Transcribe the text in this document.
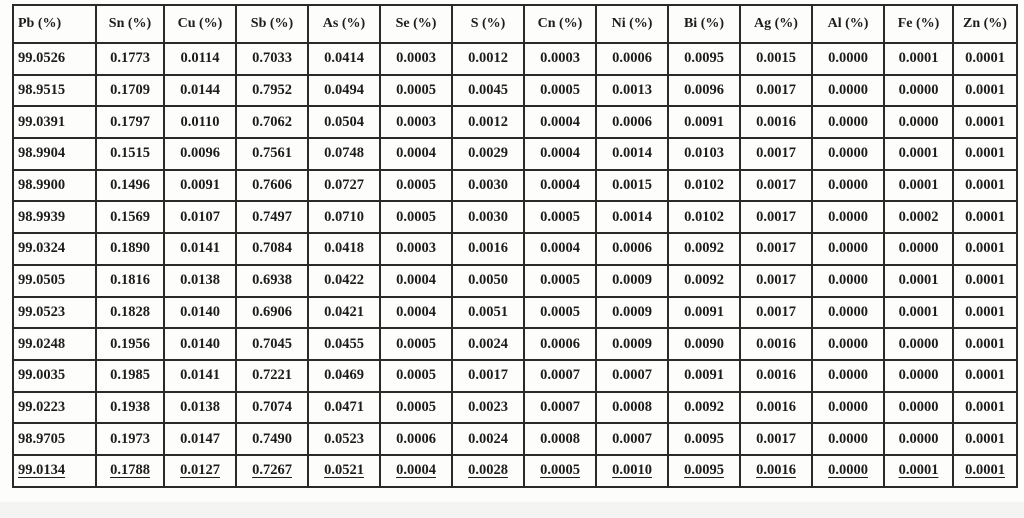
Pb (%)	Sn (%)	Cu (%)	Sb (%)	As (%)	Se (%)	S (%)	Cn (%)	Ni (%)	Bi (%)	Ag (%)	Al (%)	Fe (%)	Zn (%)
99.0526	0.1773	0.0114	0.7033	0.0414	0.0003	0.0012	0.0003	0.0006	0.0095	0.0015	0.0000	0.0001	0.0001
98.9515	0.1709	0.0144	0.7952	0.0494	0.0005	0.0045	0.0005	0.0013	0.0096	0.0017	0.0000	0.0000	0.0001
99.0391	0.1797	0.0110	0.7062	0.0504	0.0003	0.0012	0.0004	0.0006	0.0091	0.0016	0.0000	0.0000	0.0001
98.9904	0.1515	0.0096	0.7561	0.0748	0.0004	0.0029	0.0004	0.0014	0.0103	0.0017	0.0000	0.0001	0.0001
98.9900	0.1496	0.0091	0.7606	0.0727	0.0005	0.0030	0.0004	0.0015	0.0102	0.0017	0.0000	0.0001	0.0001
98.9939	0.1569	0.0107	0.7497	0.0710	0.0005	0.0030	0.0005	0.0014	0.0102	0.0017	0.0000	0.0002	0.0001
99.0324	0.1890	0.0141	0.7084	0.0418	0.0003	0.0016	0.0004	0.0006	0.0092	0.0017	0.0000	0.0000	0.0001
99.0505	0.1816	0.0138	0.6938	0.0422	0.0004	0.0050	0.0005	0.0009	0.0092	0.0017	0.0000	0.0001	0.0001
99.0523	0.1828	0.0140	0.6906	0.0421	0.0004	0.0051	0.0005	0.0009	0.0091	0.0017	0.0000	0.0001	0.0001
99.0248	0.1956	0.0140	0.7045	0.0455	0.0005	0.0024	0.0006	0.0009	0.0090	0.0016	0.0000	0.0000	0.0001
99.0035	0.1985	0.0141	0.7221	0.0469	0.0005	0.0017	0.0007	0.0007	0.0091	0.0016	0.0000	0.0000	0.0001
99.0223	0.1938	0.0138	0.7074	0.0471	0.0005	0.0023	0.0007	0.0008	0.0092	0.0016	0.0000	0.0000	0.0001
98.9705	0.1973	0.0147	0.7490	0.0523	0.0006	0.0024	0.0008	0.0007	0.0095	0.0017	0.0000	0.0000	0.0001
99.0134	0.1788	0.0127	0.7267	0.0521	0.0004	0.0028	0.0005	0.0010	0.0095	0.0016	0.0000	0.0001	0.0001
